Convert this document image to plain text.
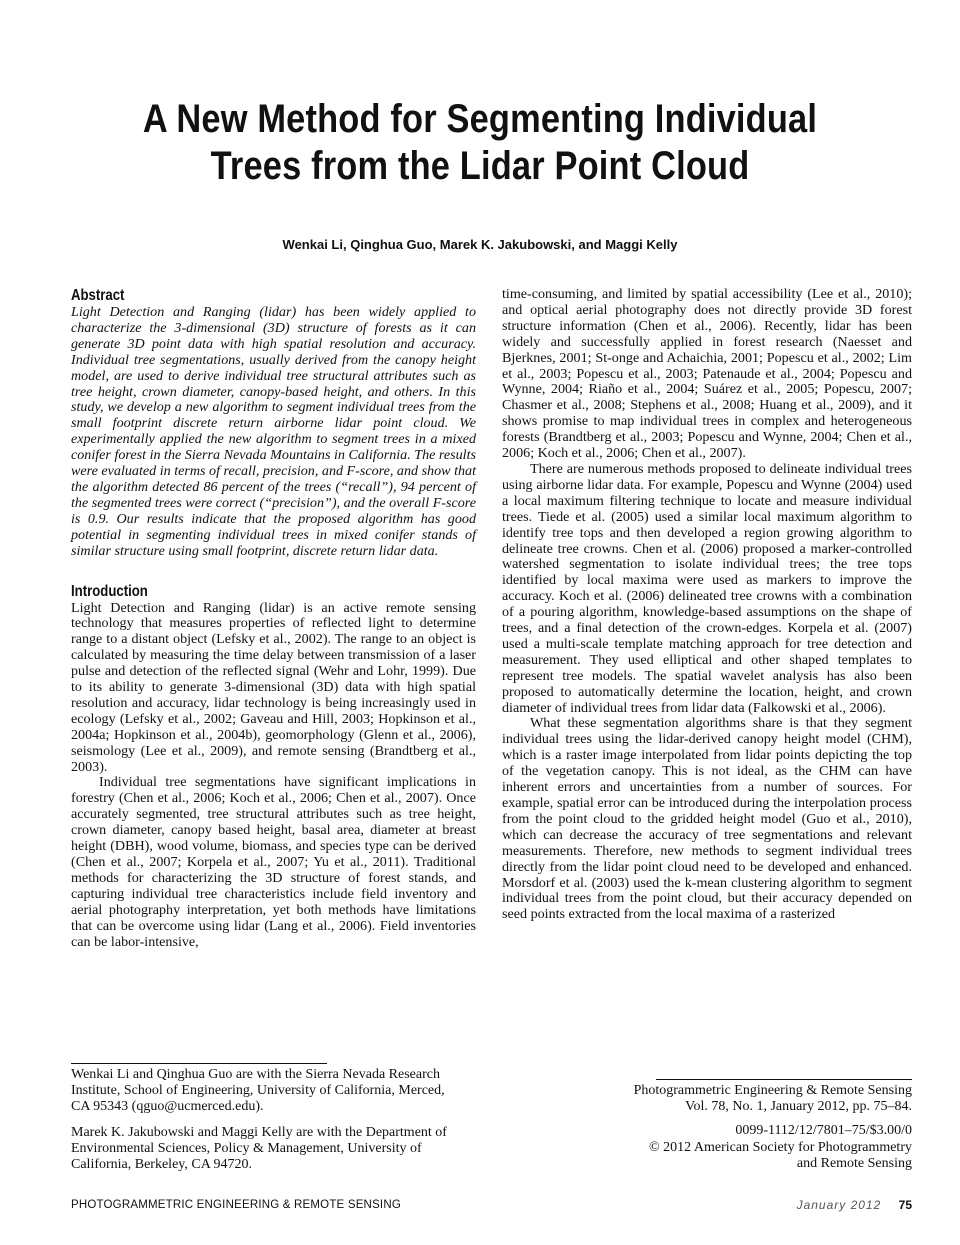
A New Method for Segmenting Individual
Trees from the Lidar Point Cloud
Wenkai Li, Qinghua Guo, Marek K. Jakubowski, and Maggi Kelly
Abstract

Light Detection and Ranging (lidar) has been widely applied to characterize the 3-dimensional (3D) structure of forests as it can generate 3D point data with high spatial resolution and accuracy. Individual tree segmentations, usually derived from the canopy height model, are used to derive individual tree structural attributes such as tree height, crown diameter, canopy-based height, and others. In this study, we develop a new algorithm to segment individual trees from the small footprint discrete return airborne lidar point cloud. We experimentally applied the new algorithm to segment trees in a mixed conifer forest in the Sierra Nevada Mountains in California. The results were evaluated in terms of recall, precision, and F-score, and show that the algorithm detected 86 percent of the trees (“recall”), 94 percent of the segmented trees were correct (“precision”), and the overall F-score is 0.9. Our results indicate that the proposed algorithm has good potential in segmenting individual trees in mixed conifer stands of similar structure using small footprint, discrete return lidar data.

Introduction

Light Detection and Ranging (lidar) is an active remote sensing technology that measures properties of reflected light to determine range to a distant object (Lefsky et al., 2002). The range to an object is calculated by measuring the time delay between transmission of a laser pulse and detection of the reflected signal (Wehr and Lohr, 1999). Due to its ability to generate 3-dimensional (3D) data with high spatial resolution and accuracy, lidar technology is being increasingly used in ecology (Lefsky et al., 2002; Gaveau and Hill, 2003; Hopkinson et al., 2004a; Hopkinson et al., 2004b), geomorphology (Glenn et al., 2006), seismology (Lee et al., 2009), and remote sensing (Brandtberg et al., 2003).

Individual tree segmentations have significant implications in forestry (Chen et al., 2006; Koch et al., 2006; Chen et al., 2007). Once accurately segmented, tree structural attributes such as tree height, crown diameter, canopy based height, basal area, diameter at breast height (DBH), wood volume, biomass, and species type can be derived (Chen et al., 2007; Korpela et al., 2007; Yu et al., 2011). Traditional methods for characterizing the 3D structure of forest stands, and capturing individual tree characteristics include field inventory and aerial photography interpretation, yet both methods have limitations that can be overcome using lidar (Lang et al., 2006). Field inventories can be labor-intensive,

time-consuming, and limited by spatial accessibility (Lee et al., 2010); and optical aerial photography does not directly provide 3D forest structure information (Chen et al., 2006). Recently, lidar has been widely and successfully applied in forest research (Naesset and Bjerknes, 2001; St-onge and Achaichia, 2001; Popescu et al., 2002; Lim et al., 2003; Popescu et al., 2003; Patenaude et al., 2004; Popescu and Wynne, 2004; Riaño et al., 2004; Suárez et al., 2005; Popescu, 2007; Chasmer et al., 2008; Stephens et al., 2008; Huang et al., 2009), and it shows promise to map individual trees in complex and heterogeneous forests (Brandtberg et al., 2003; Popescu and Wynne, 2004; Chen et al., 2006; Koch et al., 2006; Chen et al., 2007).

There are numerous methods proposed to delineate individual trees using airborne lidar data. For example, Popescu and Wynne (2004) used a local maximum filtering technique to locate and measure individual trees. Tiede et al. (2005) used a similar local maximum algorithm to identify tree tops and then developed a region growing algorithm to delineate tree crowns. Chen et al. (2006) proposed a marker-controlled watershed segmentation to isolate individual trees; the tree tops identified by local maxima were used as markers to improve the accuracy. Koch et al. (2006) delineated tree crowns with a combination of a pouring algorithm, knowledge-based assumptions on the shape of trees, and a final detection of the crown-edges. Korpela et al. (2007) used a multi-scale template matching approach for tree detection and measurement. They used elliptical and other shaped templates to represent tree models. The spatial wavelet analysis has also been proposed to automatically determine the location, height, and crown diameter of individual trees from lidar data (Falkowski et al., 2006).

What these segmentation algorithms share is that they segment individual trees using the lidar-derived canopy height model (CHM), which is a raster image interpolated from lidar points depicting the top of the vegetation canopy. This is not ideal, as the CHM can have inherent errors and uncertainties from a number of sources. For example, spatial error can be introduced during the interpolation process from the point cloud to the gridded height model (Guo et al., 2010), which can decrease the accuracy of tree segmentations and relevant measurements. Therefore, new methods to segment individual trees directly from the lidar point cloud need to be developed and enhanced. Morsdorf et al. (2003) used the k-mean clustering algorithm to segment individual trees from the point cloud, but their accuracy depended on seed points extracted from the local maxima of a rasterized

Wenkai Li and Qinghua Guo are with the Sierra Nevada Research Institute, School of Engineering, University of California, Merced, CA 95343 (qguo@ucmerced.edu).

Marek K. Jakubowski and Maggi Kelly are with the Department of Environmental Sciences, Policy & Management, University of California, Berkeley, CA 94720.

Photogrammetric Engineering & Remote Sensing

Vol. 78, No. 1, January 2012, pp. 75–84.

0099-1112/12/7801–75/$3.00/0

© 2012 American Society for Photogrammetry

and Remote Sensing

PHOTOGRAMMETRIC ENGINEERING & REMOTE SENSING	January 2012 75
